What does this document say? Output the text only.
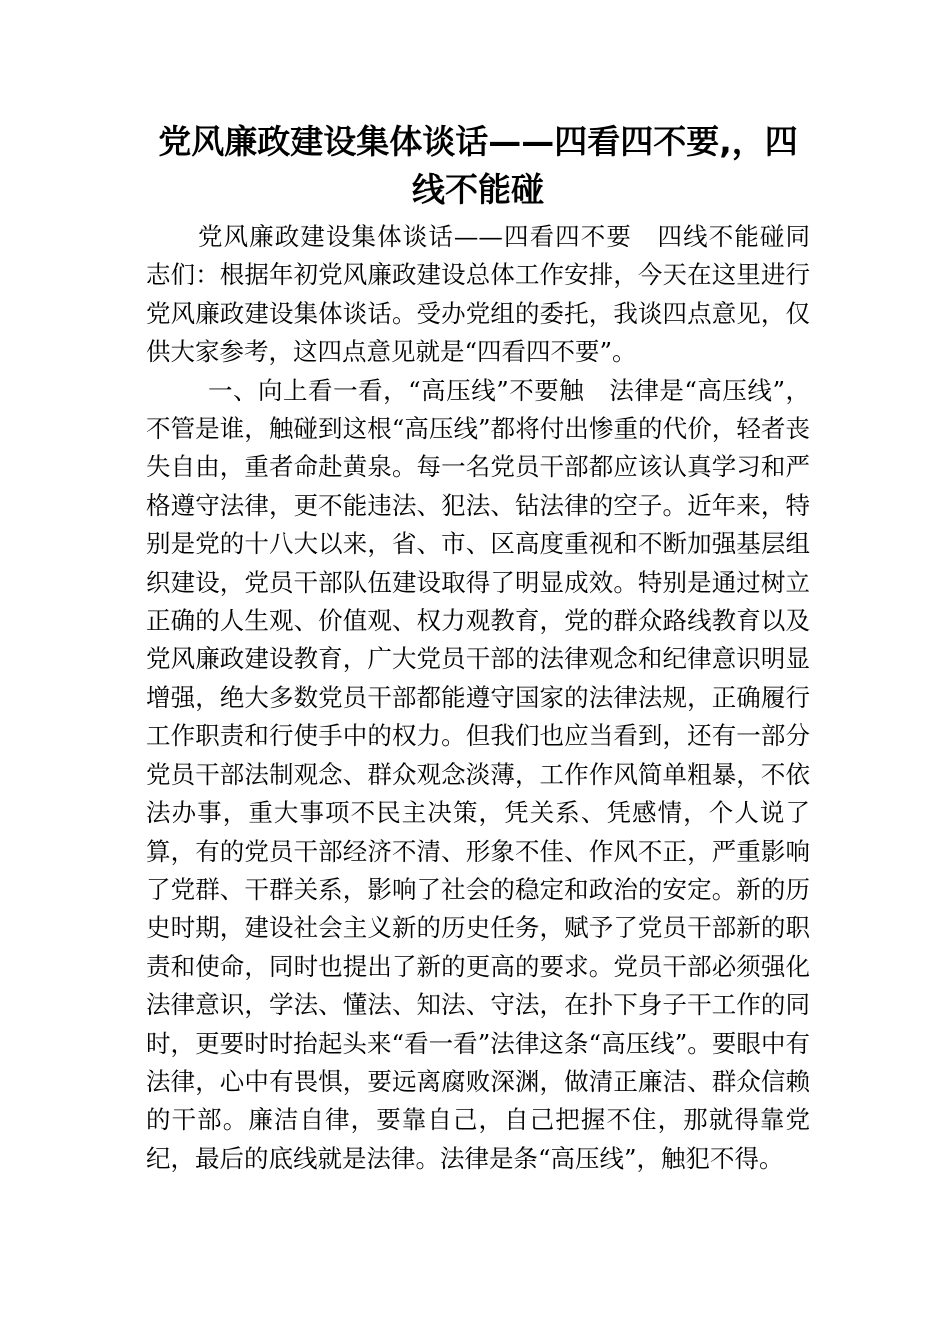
党风廉政建设集体谈话——四看四不要,，四线不能碰

党风廉政建设集体谈话——四看四不要　四线不能碰同志们：根据年初党风廉政建设总体工作安排，今天在这里进行党风廉政建设集体谈话。受办党组的委托，我谈四点意见，仅供大家参考，这四点意见就是“四看四不要”。

一、向上看一看，“高压线”不要触　法律是“高压线”，不管是谁，触碰到这根“高压线”都将付出惨重的代价，轻者丧失自由，重者命赴黄泉。每一名党员干部都应该认真学习和严格遵守法律，更不能违法、犯法、钻法律的空子。近年来，特别是党的十八大以来，省、市、区高度重视和不断加强基层组织建设，党员干部队伍建设取得了明显成效。特别是通过树立正确的人生观、价值观、权力观教育，党的群众路线教育以及党风廉政建设教育，广大党员干部的法律观念和纪律意识明显增强，绝大多数党员干部都能遵守国家的法律法规，正确履行工作职责和行使手中的权力。但我们也应当看到，还有一部分党员干部法制观念、群众观念淡薄，工作作风简单粗暴，不依法办事，重大事项不民主决策，凭关系、凭感情，个人说了算，有的党员干部经济不清、形象不佳、作风不正，严重影响了党群、干群关系，影响了社会的稳定和政治的安定。新的历史时期，建设社会主义新的历史任务，赋予了党员干部新的职责和使命，同时也提出了新的更高的要求。党员干部必须强化法律意识，学法、懂法、知法、守法，在扑下身子干工作的同时，更要时时抬起头来“看一看”法律这条“高压线”。要眼中有法律，心中有畏惧，要远离腐败深渊，做清正廉洁、群众信赖的干部。廉洁自律，要靠自己，自己把握不住，那就得靠党纪，最后的底线就是法律。法律是条“高压线”，触犯不得。
